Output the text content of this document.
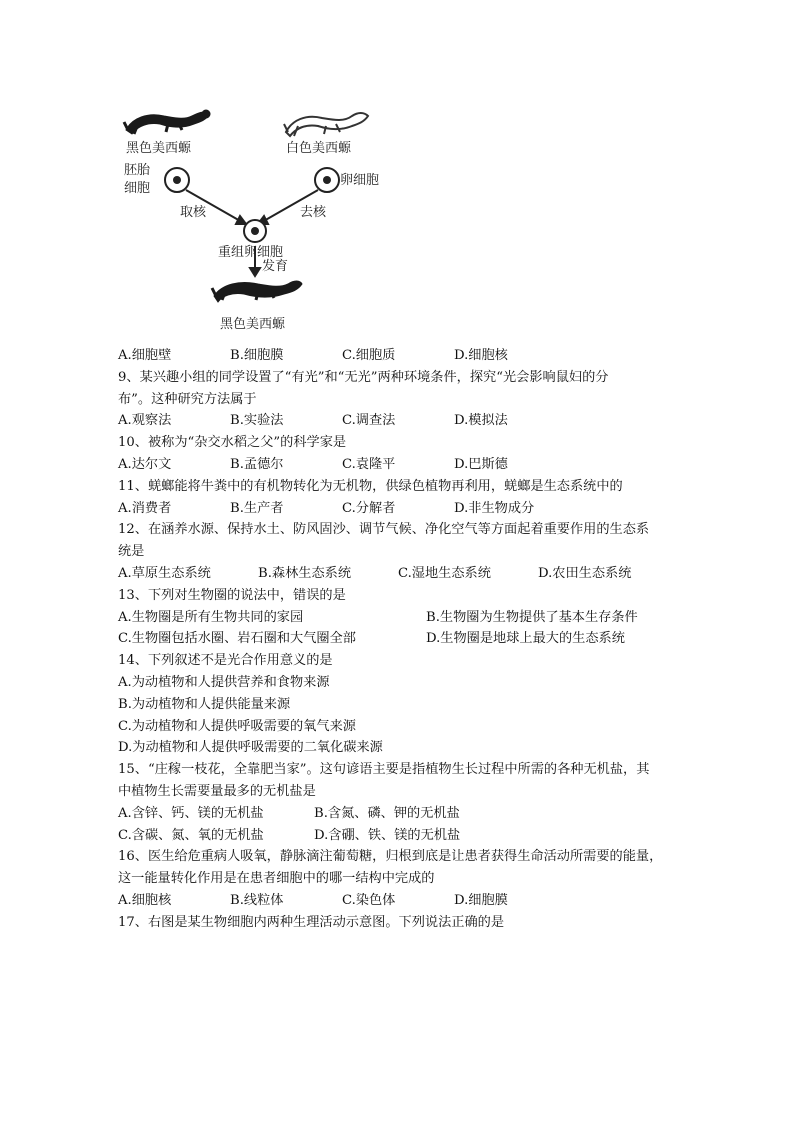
黑色美西螈	白色美西螈
胚胎
细胞
卵细胞
取核	去核
重组卵细胞
发育
黑色美西螈
A.细胞壁	B.细胞膜	C.细胞质	D.细胞核
9、某兴趣小组的同学设置了“有光”和“无光”两种环境条件，探究“光会影响鼠妇的分
布”。这种研究方法属于
A.观察法	B.实验法	C.调查法	D.模拟法
10、被称为“杂交水稻之父”的科学家是
A.达尔文	B.孟德尔	C.袁隆平	D.巴斯德
11、蜣螂能将牛粪中的有机物转化为无机物，供绿色植物再利用，蜣螂是生态系统中的
A.消费者	B.生产者	C.分解者	D.非生物成分
12、在涵养水源、保持水土、防风固沙、调节气候、净化空气等方面起着重要作用的生态系
统是
A.草原生态系统	B.森林生态系统	C.湿地生态系统	D.农田生态系统
13、下列对生物圈的说法中，错误的是
A.生物圈是所有生物共同的家园	B.生物圈为生物提供了基本生存条件
C.生物圈包括水圈、岩石圈和大气圈全部	D.生物圈是地球上最大的生态系统
14、下列叙述不是光合作用意义的是
A.为动植物和人提供营养和食物来源
B.为动植物和人提供能量来源
C.为动植物和人提供呼吸需要的氧气来源
D.为动植物和人提供呼吸需要的二氧化碳来源
15、“庄稼一枝花，全靠肥当家”。这句谚语主要是指植物生长过程中所需的各种无机盐，其
中植物生长需要量最多的无机盐是
A.含锌、钙、镁的无机盐	B.含氮、磷、钾的无机盐
C.含碳、氮、氧的无机盐	D.含硼、铁、镁的无机盐
16、医生给危重病人吸氧，静脉滴注葡萄糖，归根到底是让患者获得生命活动所需要的能量，
这一能量转化作用是在患者细胞中的哪一结构中完成的
A.细胞核	B.线粒体	C.染色体	D.细胞膜
17、右图是某生物细胞内两种生理活动示意图。下列说法正确的是
